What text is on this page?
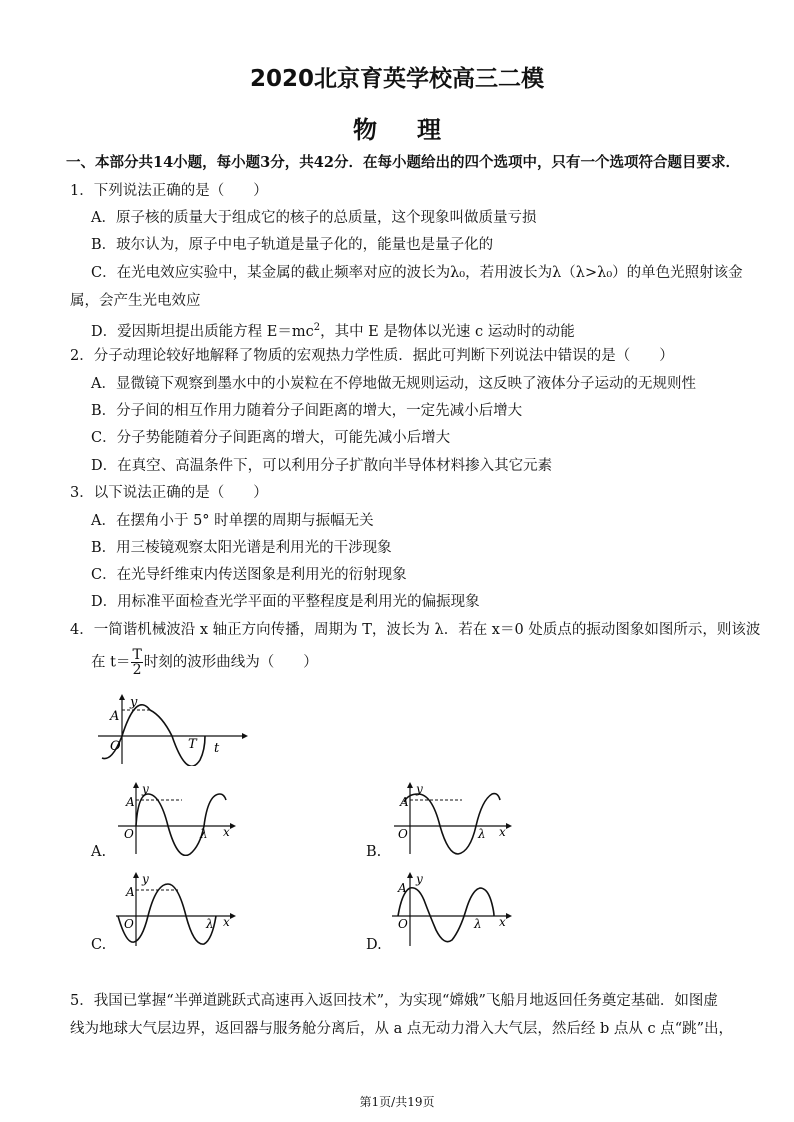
2020北京育英学校高三二模
物理
一、本部分共14小题，每小题3分，共42分．在每小题给出的四个选项中，只有一个选项符合题目要求．
1．下列说法正确的是（　　）
A．原子核的质量大于组成它的核子的总质量，这个现象叫做质量亏损
B．玻尔认为，原子中电子轨道是量子化的，能量也是量子化的
C．在光电效应实验中，某金属的截止频率对应的波长为λ₀，若用波长为λ（λ>λ₀）的单色光照射该金
属，会产生光电效应
D．爱因斯坦提出质能方程 $E=mc^2$，其中 E 是物体以光速 c 运动时的动能
2．分子动理论较好地解释了物质的宏观热力学性质．据此可判断下列说法中错误的是（　　）
A．显微镜下观察到墨水中的小炭粒在不停地做无规则运动，这反映了液体分子运动的无规则性
B．分子间的相互作用力随着分子间距离的增大，一定先减小后增大
C．分子势能随着分子间距离的增大，可能先减小后增大
D．在真空、高温条件下，可以利用分子扩散向半导体材料掺入其它元素
3．以下说法正确的是（　　）
A．在摆角小于 5° 时单摆的周期与振幅无关
B．用三棱镜观察太阳光谱是利用光的干涉现象
C．在光导纤维束内传送图象是利用光的衍射现象
D．用标准平面检查光学平面的平整程度是利用光的偏振现象
4．一简谐机械波沿 x 轴正方向传播，周期为 T，波长为 λ．若在 x＝0 处质点的振动图象如图所示，则该波
在 $t= \frac{T}{2}$ 时刻的波形曲线为（　　）
y
A
O	T t
y
A
O	λ x
A.
y
A
O	λ x
B.
y
A
O	λ x
C.
y
A
O	λ x
D.
5．我国已掌握“半弹道跳跃式高速再入返回技术”，为实现“嫦娥”飞船月地返回任务奠定基础．如图虚
线为地球大气层边界，返回器与服务舱分离后，从 a 点无动力滑入大气层，然后经 b 点从 c 点“跳”出，
第1页/共19页
